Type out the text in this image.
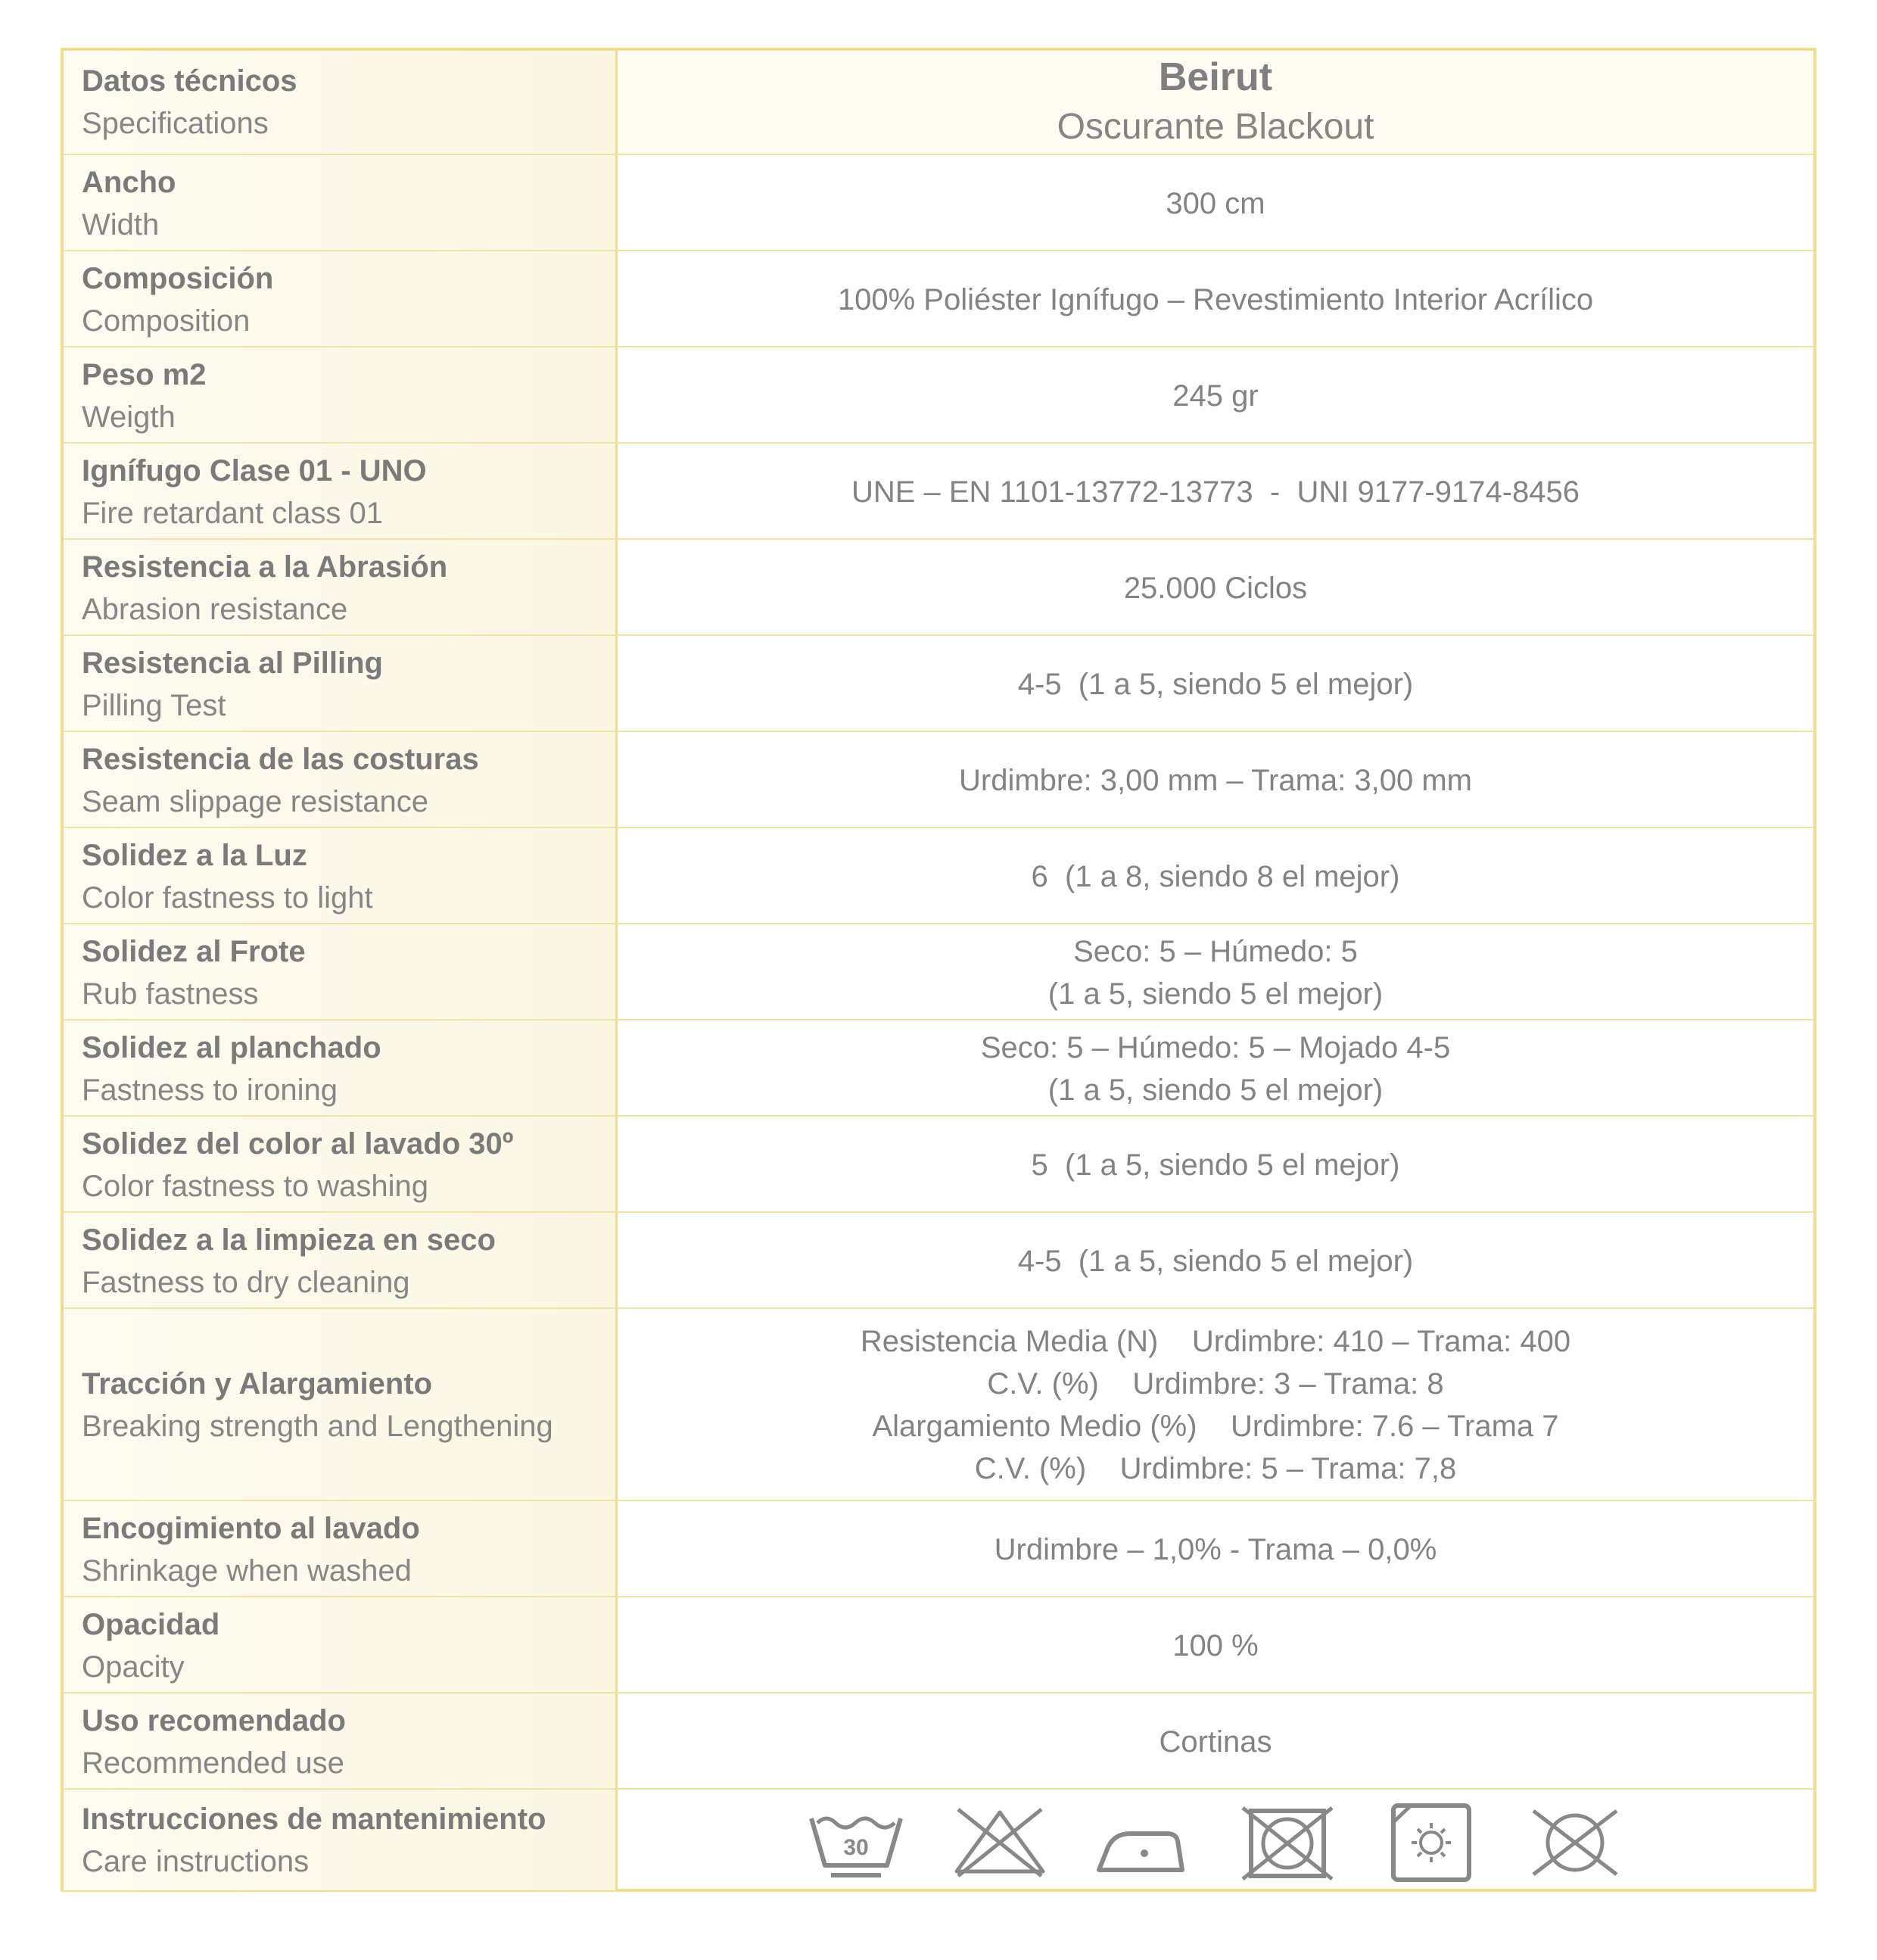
Datos técnicos
Specifications
Beirut
Oscurante Blackout
Ancho
Width
300 cm
Composición
Composition
100% Poliéster Ignífugo – Revestimiento Interior Acrílico
Peso m2
Weigth
245 gr
Ignífugo Clase 01 - UNO
Fire retardant class 01
UNE – EN 1101-13772-13773  -  UNI 9177-9174-8456
Resistencia a la Abrasión
Abrasion resistance
25.000 Ciclos
Resistencia al Pilling
Pilling Test
4-5  (1 a 5, siendo 5 el mejor)
Resistencia de las costuras
Seam slippage resistance
Urdimbre: 3,00 mm – Trama: 3,00 mm
Solidez a la Luz
Color fastness to light
6  (1 a 8, siendo 8 el mejor)
Solidez al Frote
Rub fastness
Seco: 5 – Húmedo: 5
(1 a 5, siendo 5 el mejor)
Solidez al planchado
Fastness to ironing
Seco: 5 – Húmedo: 5 – Mojado 4-5
(1 a 5, siendo 5 el mejor)
Solidez del color al lavado 30º
Color fastness to washing
5  (1 a 5, siendo 5 el mejor)
Solidez a la limpieza en seco
Fastness to dry cleaning
4-5  (1 a 5, siendo 5 el mejor)
Tracción y Alargamiento
Breaking strength and Lengthening
Resistencia Media (N)    Urdimbre: 410 – Trama: 400
C.V. (%)    Urdimbre: 3 – Trama: 8
Alargamiento Medio (%)    Urdimbre: 7.6 – Trama 7
C.V. (%)    Urdimbre: 5 – Trama: 7,8
Encogimiento al lavado
Shrinkage when washed
Urdimbre – 1,0% - Trama – 0,0%
Opacidad
Opacity
100 %
Uso recomendado
Recommended use
Cortinas
Instrucciones de mantenimiento
Care instructions	30
